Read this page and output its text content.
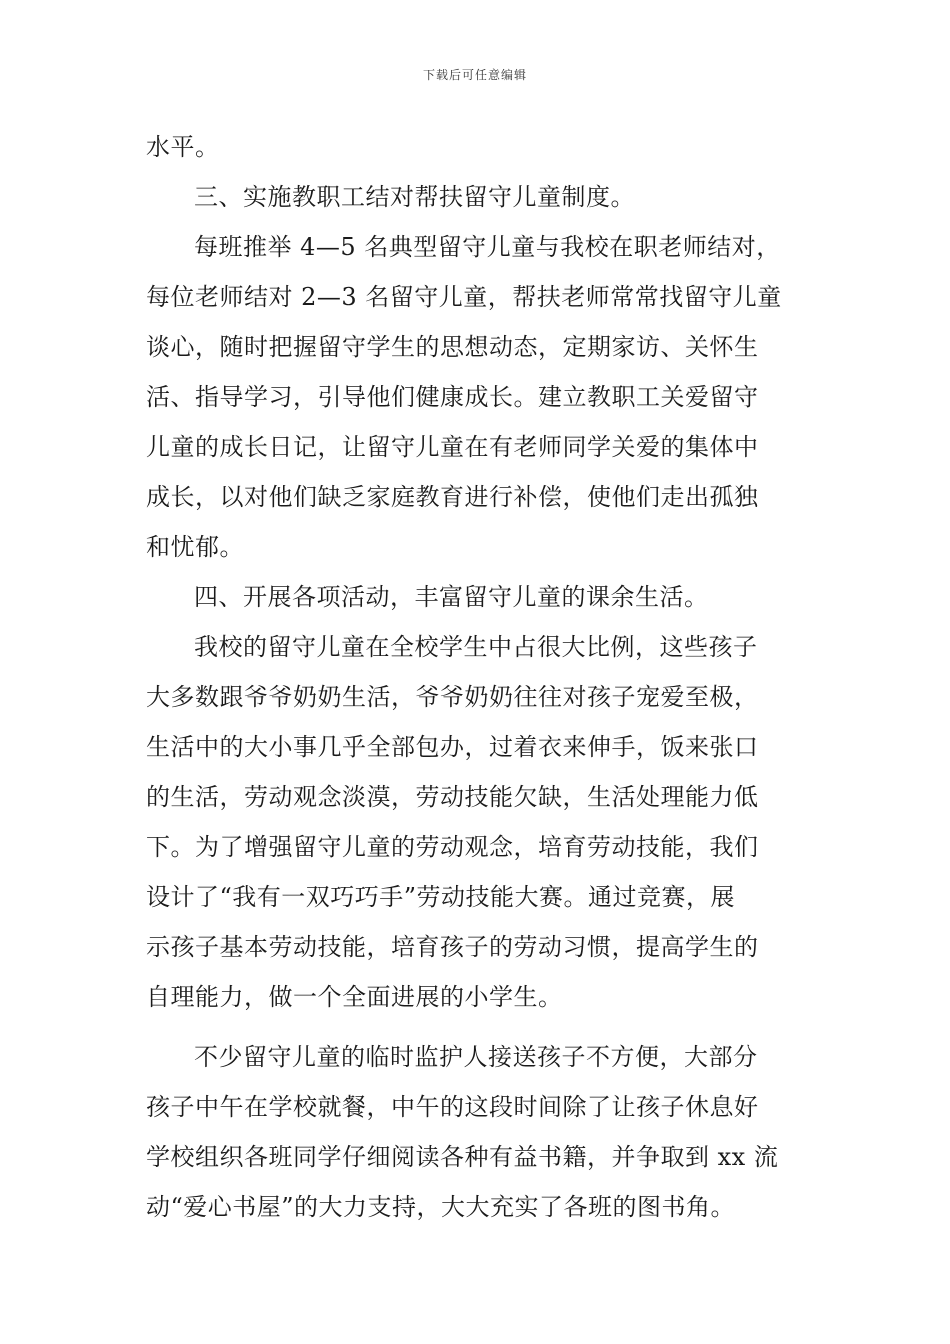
下载后可任意编辑
水平。
三、实施教职工结对帮扶留守儿童制度。
每班推举 4—5 名典型留守儿童与我校在职老师结对，
每位老师结对 2—3 名留守儿童，帮扶老师常常找留守儿童
谈心，随时把握留守学生的思想动态，定期家访、关怀生
活、指导学习，引导他们健康成长。建立教职工关爱留守
儿童的成长日记，让留守儿童在有老师同学关爱的集体中
成长，以对他们缺乏家庭教育进行补偿，使他们走出孤独
和忧郁。
四、开展各项活动，丰富留守儿童的课余生活。
我校的留守儿童在全校学生中占很大比例，这些孩子
大多数跟爷爷奶奶生活，爷爷奶奶往往对孩子宠爱至极，
生活中的大小事几乎全部包办，过着衣来伸手，饭来张口
的生活，劳动观念淡漠，劳动技能欠缺，生活处理能力低
下。为了增强留守儿童的劳动观念，培育劳动技能，我们
设计了“我有一双巧巧手”劳动技能大赛。通过竞赛，展
示孩子基本劳动技能，培育孩子的劳动习惯，提高学生的
自理能力，做一个全面进展的小学生。
不少留守儿童的临时监护人接送孩子不方便，大部分
孩子中午在学校就餐，中午的这段时间除了让孩子休息好
学校组织各班同学仔细阅读各种有益书籍，并争取到 xx 流
动“爱心书屋”的大力支持，大大充实了各班的图书角。
